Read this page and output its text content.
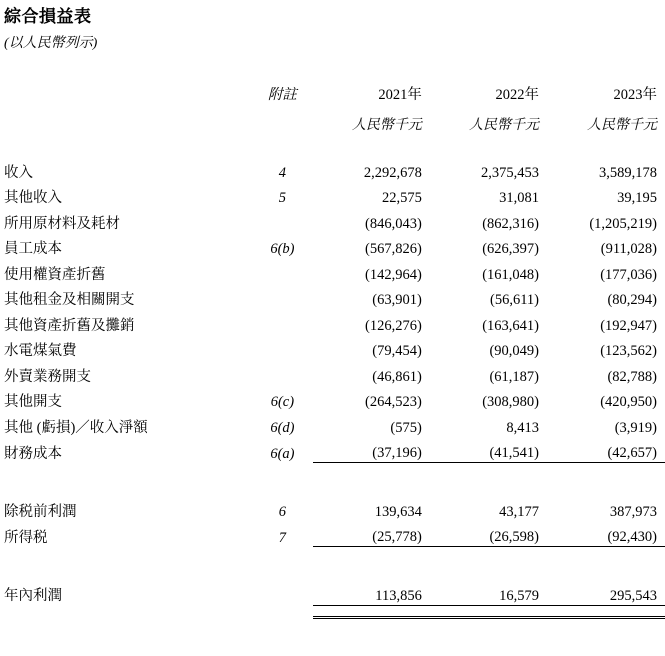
綜合損益表
(以人民幣列示)
	附註	2021年	2022年	2023年
		人民幣千元	人民幣千元	人民幣千元

收入	4	2,292,678	2,375,453	3,589,178
其他收入	5	22,575	31,081	39,195
所用原材料及耗材		(846,043)	(862,316)	(1,205,219)
員工成本	6(b)	(567,826)	(626,397)	(911,028)
使用權資產折舊		(142,964)	(161,048)	(177,036)
其他租金及相關開支		(63,901)	(56,611)	(80,294)
其他資產折舊及攤銷		(126,276)	(163,641)	(192,947)
水電煤氣費		(79,454)	(90,049)	(123,562)
外賣業務開支		(46,861)	(61,187)	(82,788)
其他開支	6(c)	(264,523)	(308,980)	(420,950)
其他 (虧損)／收入淨額	6(d)	(575)	8,413	(3,919)
財務成本	6(a)	(37,196)	(41,541)	(42,657)

除税前利潤	6	139,634	43,177	387,973
所得税	7	(25,778)	(26,598)	(92,430)

年內利潤		113,856	16,579	295,543
